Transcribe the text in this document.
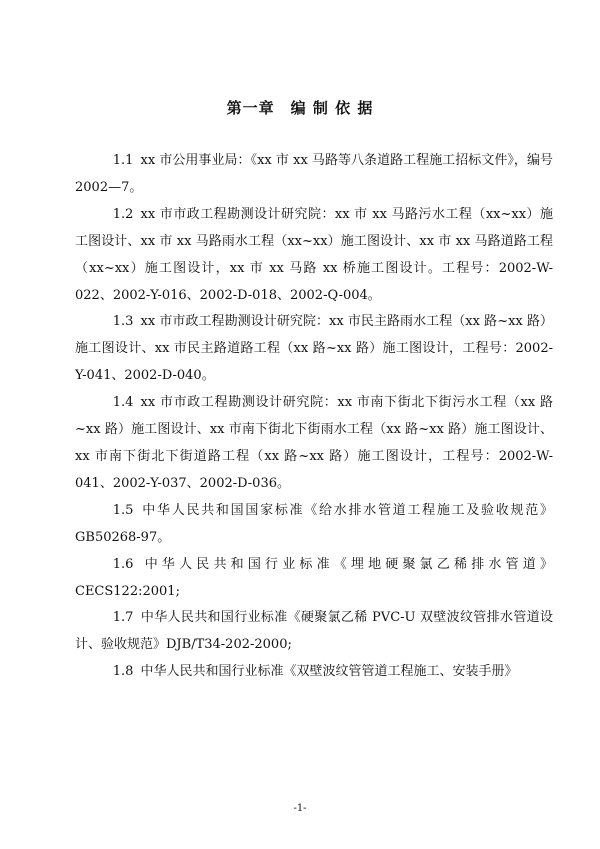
第一章　编 制 依 据

1.1 xx 市公用事业局：《xx 市 xx 马路等八条道路工程施工招标文件》，编号 2002—7。

1.2 xx 市市政工程勘测设计研究院：xx 市 xx 马路污水工程（xx~xx）施工图设计、xx 市 xx 马路雨水工程（xx~xx）施工图设计、xx 市 xx 马路道路工程（xx~xx）施工图设计，xx 市 xx 马路 xx 桥施工图设计。工程号：2002-W-022、2002-Y-016、2002-D-018、2002-Q-004。

1.3 xx 市市政工程勘测设计研究院：xx 市民主路雨水工程（xx 路~xx 路）施工图设计、xx 市民主路道路工程（xx 路~xx 路）施工图设计，工程号：2002-Y-041、2002-D-040。

1.4 xx 市市政工程勘测设计研究院：xx 市南下街北下街污水工程（xx 路~xx 路）施工图设计、xx 市南下街北下街雨水工程（xx 路~xx 路）施工图设计、xx 市南下街北下街道路工程（xx 路~xx 路）施工图设计，工程号：2002-W-041、2002-Y-037、2002-D-036。

1.5 中华人民共和国国家标准《给水排水管道工程施工及验收规范》GB50268-97。

1.6 中华人民共和国行业标准《埋地硬聚氯乙稀排水管道》CECS122:2001;

1.7 中华人民共和国行业标准《硬聚氯乙稀 PVC-U 双壁波纹管排水管道设计、验收规范》DJB/T34-202-2000;

1.8 中华人民共和国行业标准《双壁波纹管管道工程施工、安装手册》

-1-
